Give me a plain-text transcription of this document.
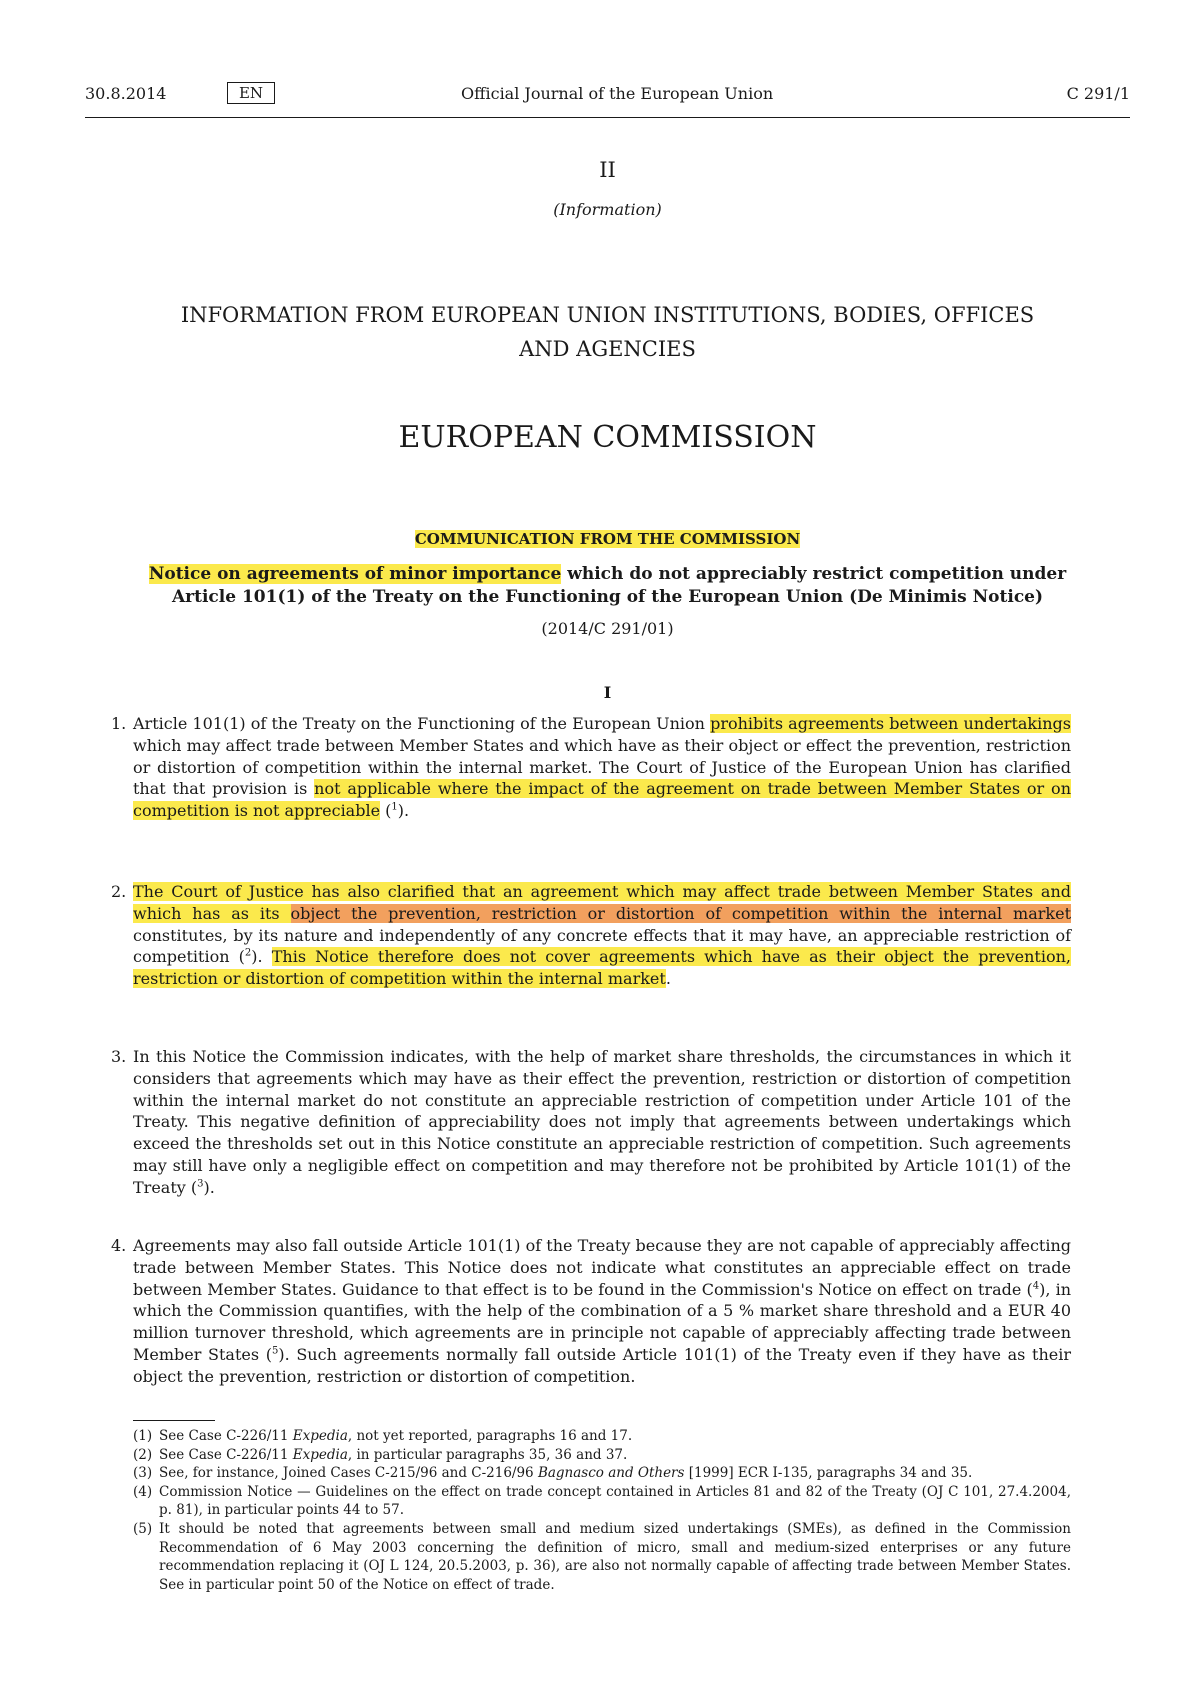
30.8.2014	EN	Official Journal of the European Union	C 291/1
II
(Information)
INFORMATION FROM EUROPEAN UNION INSTITUTIONS, BODIES, OFFICES
AND AGENCIES
EUROPEAN COMMISSION
COMMUNICATION FROM THE COMMISSION
Notice on agreements of minor importance which do not appreciably restrict competition under
Article 101(1) of the Treaty on the Functioning of the European Union (De Minimis Notice)
(2014/C 291/01)
I
1. Article 101(1) of the Treaty on the Functioning of the European Union prohibits agreements between undertakings which may affect trade between Member States and which have as their object or effect the prevention, restriction or distortion of competition within the internal market. The Court of Justice of the European Union has clarified that that provision is not applicable where the impact of the agreement on trade between Member States or on competition is not appreciable ($^1$).
2. The Court of Justice has also clarified that an agreement which may affect trade between Member States and which has as its object the prevention, restriction or distortion of competition within the internal market constitutes, by its nature and independently of any concrete effects that it may have, an appreciable restriction of competition ($^2$). This Notice therefore does not cover agreements which have as their object the prevention, restriction or distortion of competition within the internal market.
3. In this Notice the Commission indicates, with the help of market share thresholds, the circumstances in which it considers that agreements which may have as their effect the prevention, restriction or distortion of competition within the internal market do not constitute an appreciable restriction of competition under Article 101 of the Treaty. This negative definition of appreciability does not imply that agreements between undertakings which exceed the thresholds set out in this Notice constitute an appreciable restriction of competition. Such agreements may still have only a negligible effect on competition and may therefore not be prohibited by Article 101(1) of the Treaty ($^3$).
4. Agreements may also fall outside Article 101(1) of the Treaty because they are not capable of appreciably affecting trade between Member States. This Notice does not indicate what constitutes an appreciable effect on trade between Member States. Guidance to that effect is to be found in the Commission's Notice on effect on trade ($^4$), in which the Commission quantifies, with the help of the combination of a 5 % market share threshold and a EUR 40 million turnover threshold, which agreements are in principle not capable of appreciably affecting trade between Member States ($^5$). Such agreements normally fall outside Article 101(1) of the Treaty even if they have as their object the prevention, restriction or distortion of competition.
(1) See Case C-226/11 Expedia, not yet reported, paragraphs 16 and 17.
(2) See Case C-226/11 Expedia, in particular paragraphs 35, 36 and 37.
(3) See, for instance, Joined Cases C-215/96 and C-216/96 Bagnasco and Others [1999] ECR I-135, paragraphs 34 and 35.
(4) Commission Notice — Guidelines on the effect on trade concept contained in Articles 81 and 82 of the Treaty (OJ C 101, 27.4.2004, p. 81), in particular points 44 to 57.
(5) It should be noted that agreements between small and medium sized undertakings (SMEs), as defined in the Commission Recommendation of 6 May 2003 concerning the definition of micro, small and medium-sized enterprises or any future recommendation replacing it (OJ L 124, 20.5.2003, p. 36), are also not normally capable of affecting trade between Member States. See in particular point 50 of the Notice on effect of trade.
